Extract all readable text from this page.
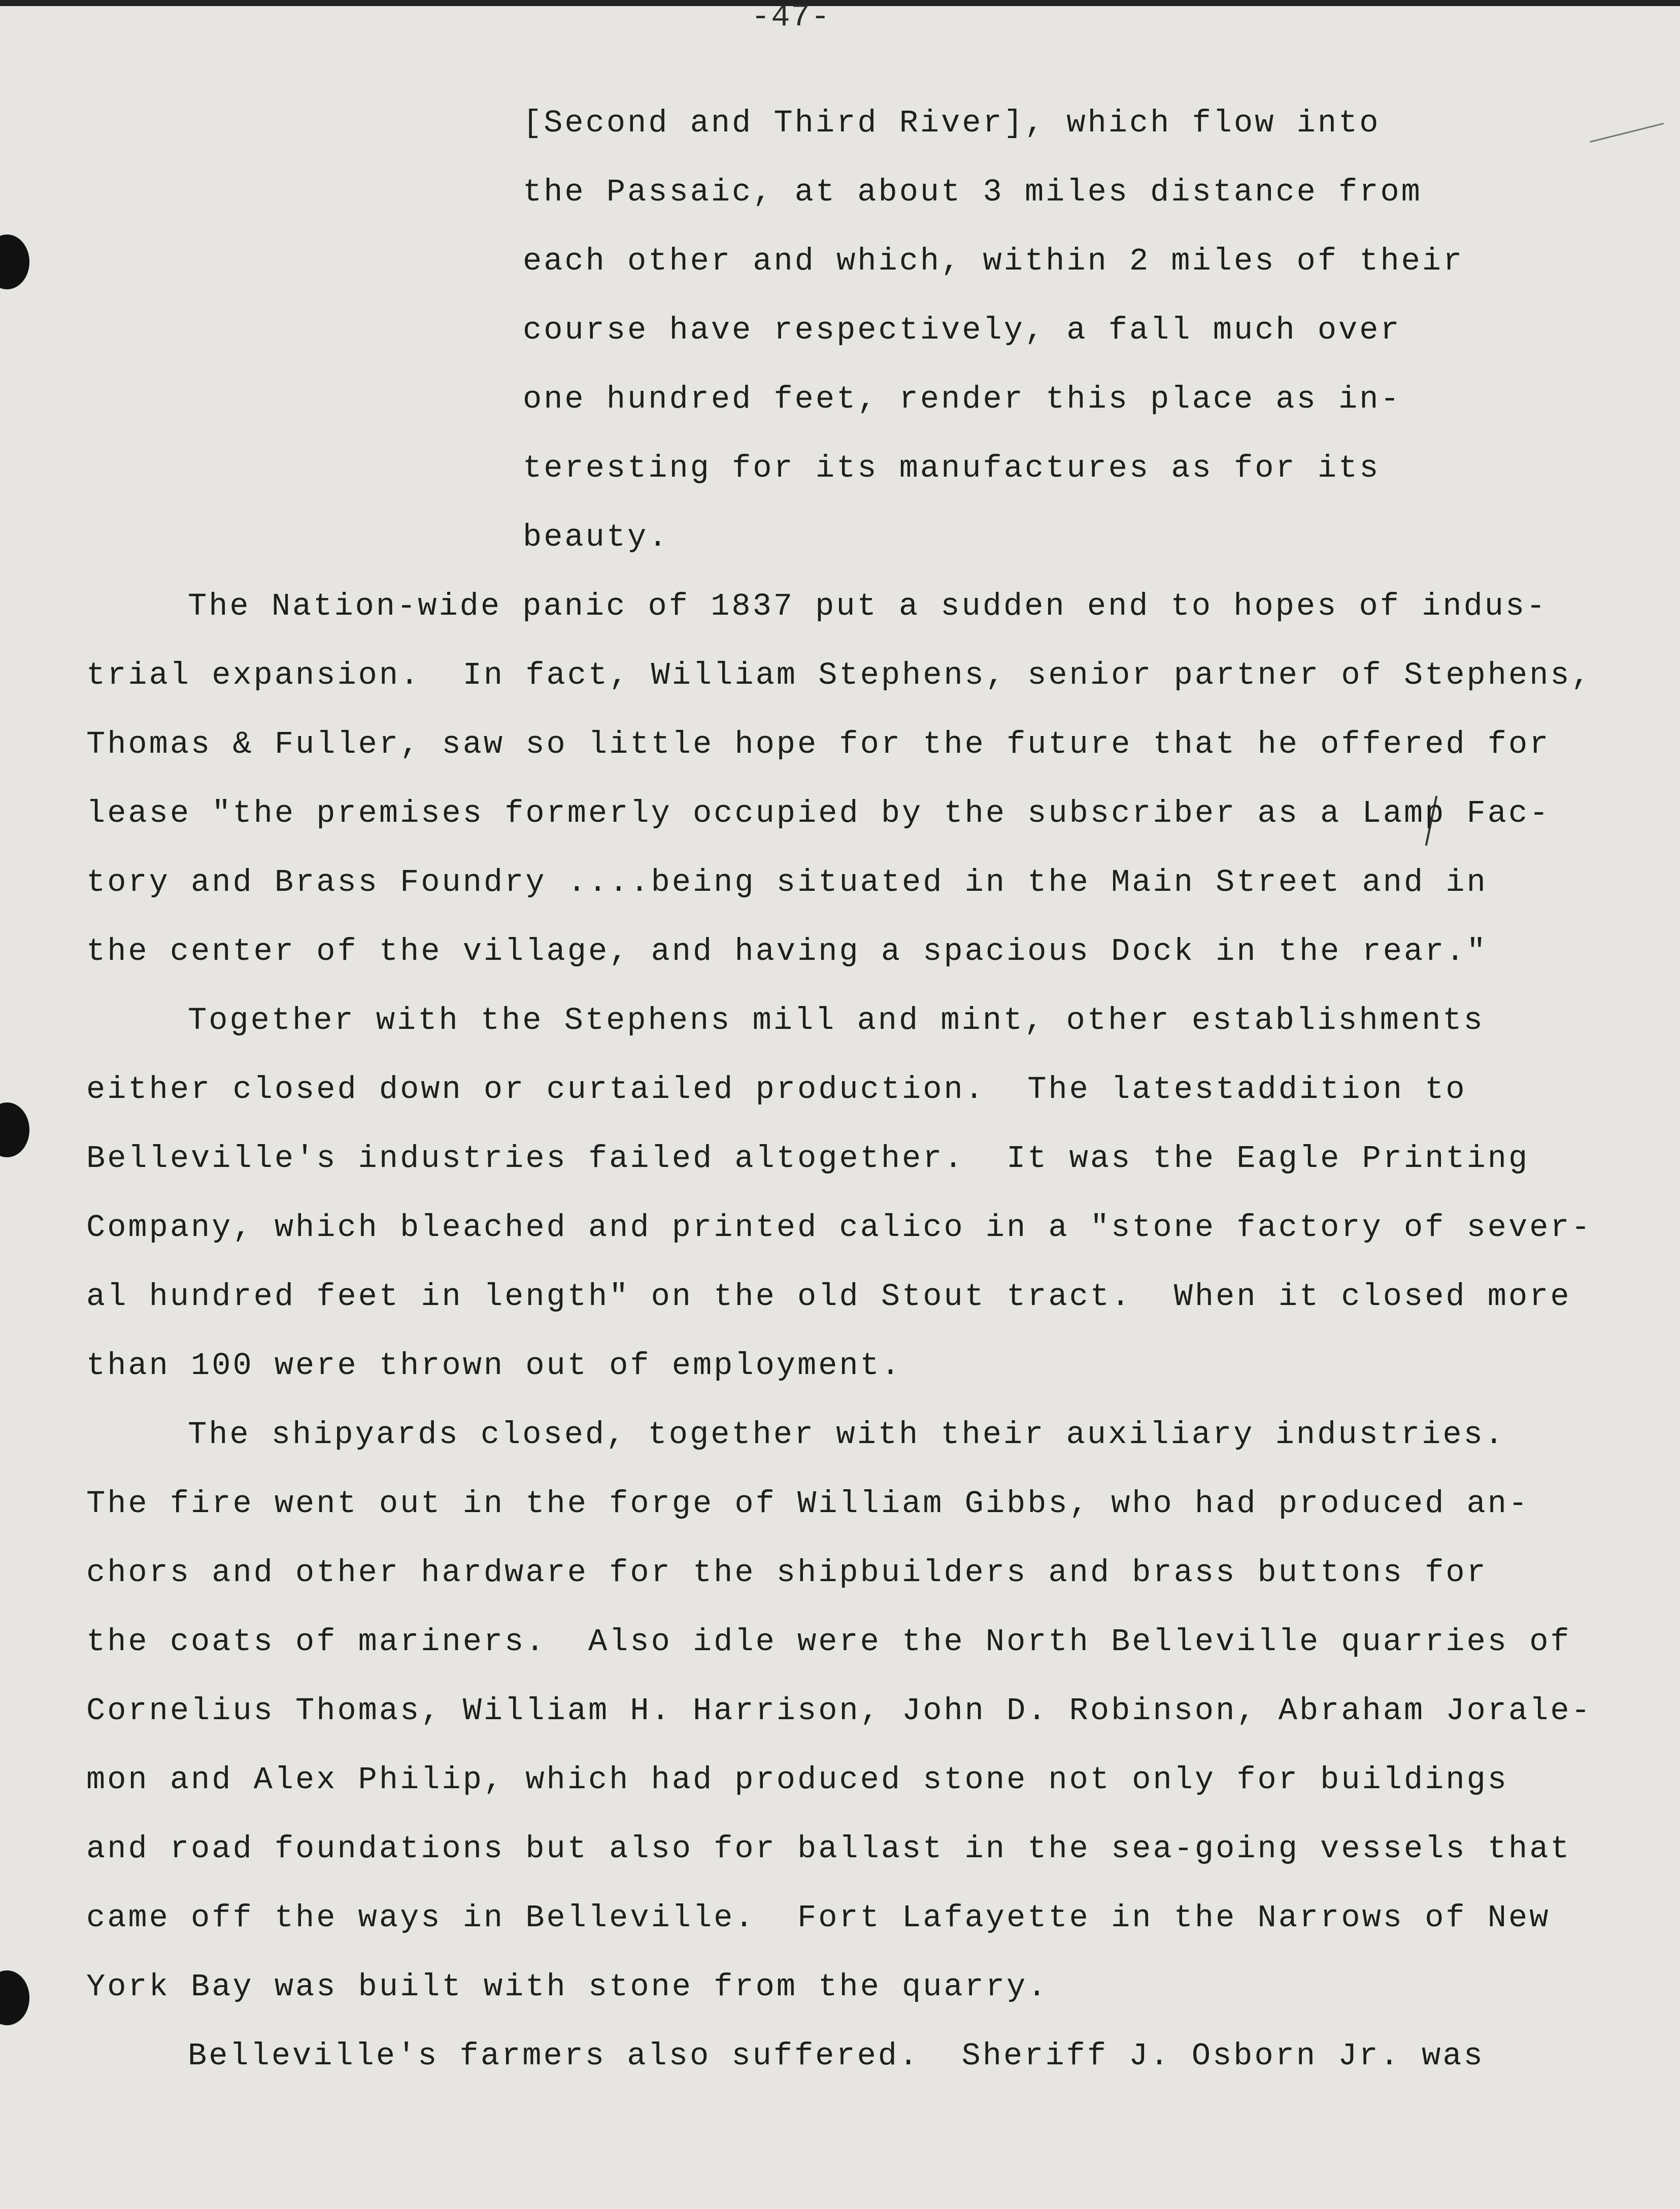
-47-
[Second and Third River], which flow into
the Passaic, at about 3 miles distance from
each other and which, within 2 miles of their
course have respectively, a fall much over
one hundred feet, render this place as in-
teresting for its manufactures as for its
beauty.
The Nation-wide panic of 1837 put a sudden end to hopes of indus-
trial expansion.  In fact, William Stephens, senior partner of Stephens,
Thomas & Fuller, saw so little hope for the future that he offered for
lease "the premises formerly occupied by the subscriber as a Lamp Fac-
tory and Brass Foundry ....being situated in the Main Street and in
the center of the village, and having a spacious Dock in the rear."
Together with the Stephens mill and mint, other establishments
either closed down or curtailed production.  The latestaddition to
Belleville's industries failed altogether.  It was the Eagle Printing
Company, which bleached and printed calico in a "stone factory of sever-
al hundred feet in length" on the old Stout tract.  When it closed more
than 100 were thrown out of employment.
The shipyards closed, together with their auxiliary industries.
The fire went out in the forge of William Gibbs, who had produced an-
chors and other hardware for the shipbuilders and brass buttons for
the coats of mariners.  Also idle were the North Belleville quarries of
Cornelius Thomas, William H. Harrison, John D. Robinson, Abraham Jorale-
mon and Alex Philip, which had produced stone not only for buildings
and road foundations but also for ballast in the sea-going vessels that
came off the ways in Belleville.  Fort Lafayette in the Narrows of New
York Bay was built with stone from the quarry.
Belleville's farmers also suffered.  Sheriff J. Osborn Jr. was
